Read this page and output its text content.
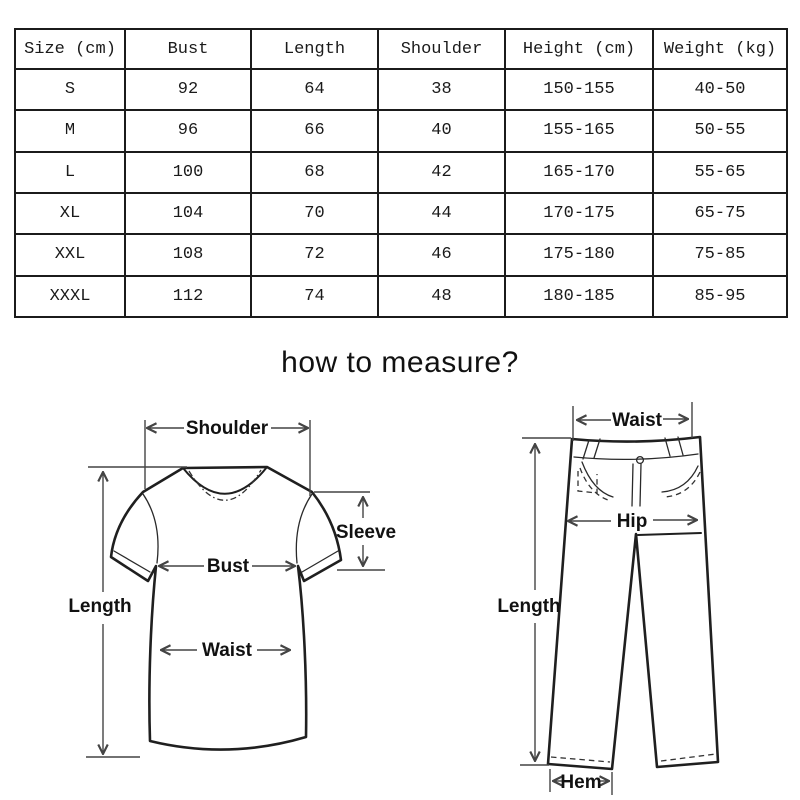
Size (cm)	Bust	Length	Shoulder	Height (cm)	Weight (kg)
S	92	64	38	150-155	40-50
M	96	66	40	155-165	50-55
L	100	68	42	165-170	55-65
XL	104	70	44	170-175	65-75
XXL	108	72	46	175-180	75-85
XXXL	112	74	48	180-185	85-95
how to measure?
Shoulder
Length
Sleeve
Bust
Waist
Waist
Hip
Length
Hem
